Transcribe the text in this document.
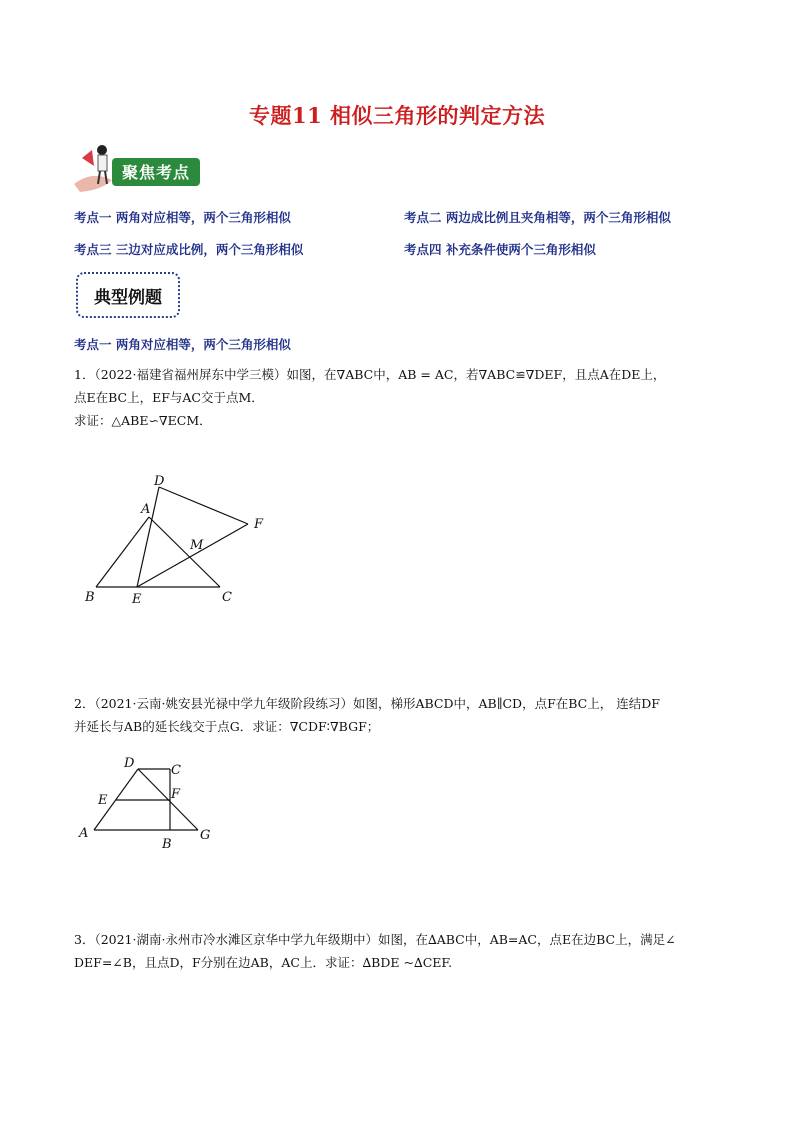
专题11 相似三角形的判定方法
聚焦考点
考点一 两角对应相等，两个三角形相似	考点二 两边成比例且夹角相等，两个三角形相似
考点三 三边对应成比例，两个三角形相似	考点四 补充条件使两个三角形相似
典型例题
考点一 两角对应相等，两个三角形相似
1．（2022·福建省福州屏东中学三模）如图，在∇ABC中，AB = AC，若∇ABC≌∇DEF，且点A在DE上，
点E在BC上，EF与AC交于点M．
求证：△ABE∽∇ECM．
D
A
F
M
B	E	C
2．（2021·云南·姚安县光禄中学九年级阶段练习）如图，梯形ABCD中，AB∥CD，点F在BC上， 连结DF
并延长与AB的延长线交于点G．求证：∇CDF∶∇BGF；
D	C
E	F
A	G
B
3．（2021·湖南·永州市冷水滩区京华中学九年级期中）如图，在∆ABC中，AB=AC，点E在边BC上，满足∠
DEF=∠B，且点D，F分别在边AB，AC上．求证：∆BDE ~∆CEF.
